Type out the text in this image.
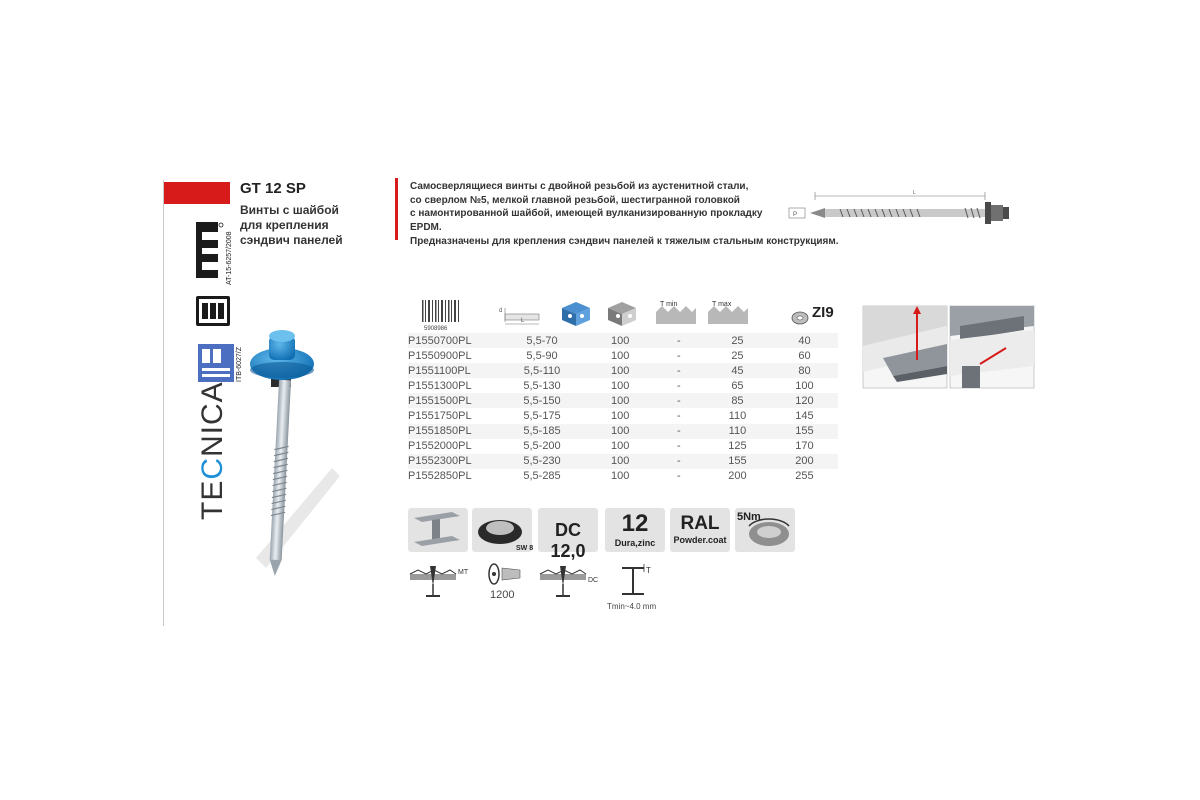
GT 12 SP
Винты с шайбой
для крепления
сэндвич панелей
AT-15-6257/2008
ITB-6027/Z
TECNICA
Самосверлящиеся винты с двойной резьбой из аустенитной стали,
со сверлом №5, мелкой главной резьбой, шестигранной головкой
с намонтированной шайбой, имеющей вулканизированную прокладку EPDM.
Предназначены для крепления сэндвич панелей к тяжелым стальным конструкциям.
L
P
5908986
d
L
T min	T max	ZI9
P1550700PL	5,5-70	100	-	25	40
P1550900PL	5,5-90	100	-	25	60
P1551100PL	5,5-110	100	-	45	80
P1551300PL	5,5-130	100	-	65	100
P1551500PL	5,5-150	100	-	85	120
P1551750PL	5,5-175	100	-	110	145
P1551850PL	5,5-185	100	-	110	155
P1552000PL	5,5-200	100	-	125	170
P1552300PL	5,5-230	100	-	155	200
P1552850PL	5,5-285	100	-	200	255
SW 8
DC 12,0
12
Dura,zinc
RAL
Powder.coat
5Nm
MT
1200
DC
T
Tmin~4.0 mm
